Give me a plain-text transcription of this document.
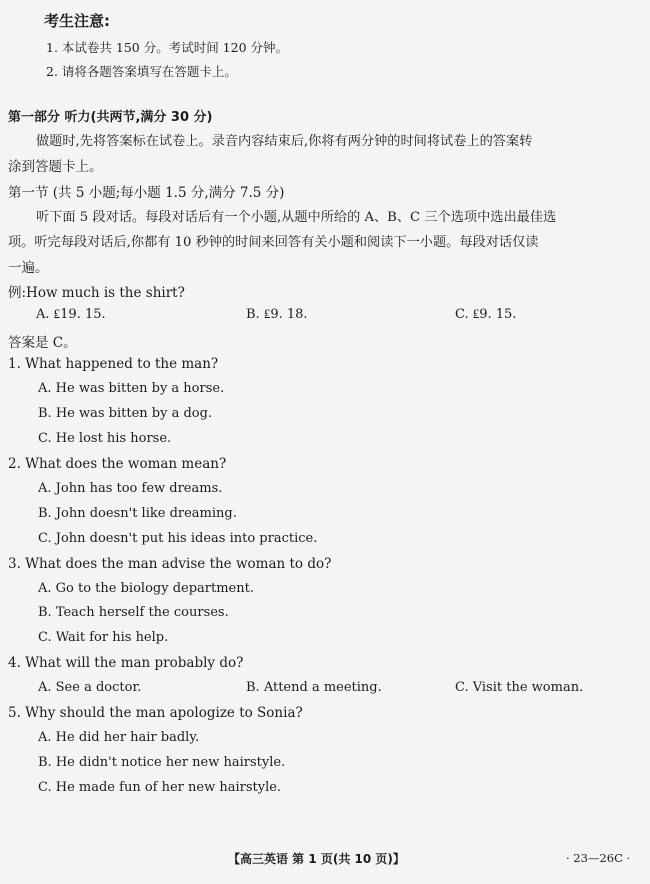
考生注意:
1. 本试卷共 150 分。考试时间 120 分钟。
2. 请将各题答案填写在答题卡上。
第一部分 听力(共两节,满分 30 分)
做题时,先将答案标在试卷上。录音内容结束后,你将有两分钟的时间将试卷上的答案转
涂到答题卡上。
第一节 (共 5 小题;每小题 1.5 分,满分 7.5 分)
听下面 5 段对话。每段对话后有一个小题,从题中所给的 A、B、C 三个选项中选出最佳选
项。听完每段对话后,你都有 10 秒钟的时间来回答有关小题和阅读下一小题。每段对话仅读
一遍。
例:How much is the shirt?
A. ₤19. 15.	B. ₤9. 18.	C. ₤9. 15.
答案是 C。
1. What happened to the man?
A. He was bitten by a horse.
B. He was bitten by a dog.
C. He lost his horse.
2. What does the woman mean?
A. John has too few dreams.
B. John doesn't like dreaming.
C. John doesn't put his ideas into practice.
3. What does the man advise the woman to do?
A. Go to the biology department.
B. Teach herself the courses.
C. Wait for his help.
4. What will the man probably do?
A. See a doctor.	B. Attend a meeting.	C. Visit the woman.
5. Why should the man apologize to Sonia?
A. He did her hair badly.
B. He didn't notice her new hairstyle.
C. He made fun of her new hairstyle.
【高三英语 第 1 页(共 10 页)】	· 23—26C ·
